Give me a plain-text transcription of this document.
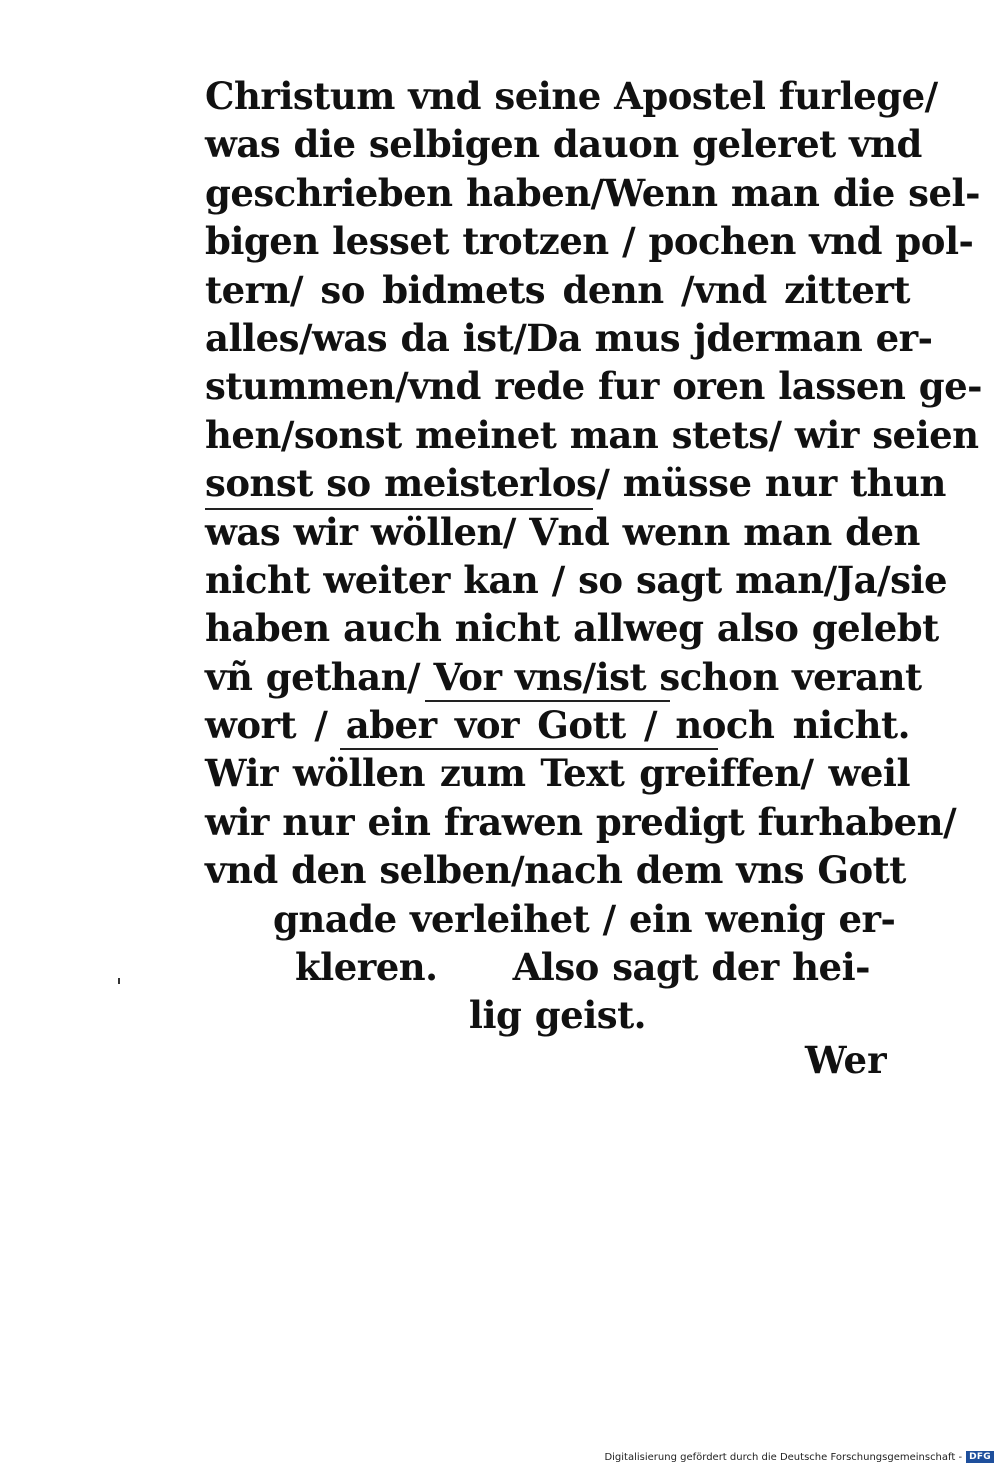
Christum vnd seine Apostel furlege/
was die selbigen dauon geleret vnd
geschrieben haben/Wenn man die sel-
bigen lesset trotzen / pochen vnd pol-
tern/ so bidmets denn /vnd zittert
alles/was da ist/Da mus jderman er-
stummen/vnd rede fur oren lassen ge-
hen/sonst meinet man stets/ wir seien
sonst so meisterlos/ müsse nur thun
was wir wöllen/ Vnd wenn man den
nicht weiter kan / so sagt man/Ja/sie
haben auch nicht allweg also gelebt
vñ gethan/ Vor vns/ist schon verant
wort / aber vor Gott / noch nicht.
Wir wöllen zum Text greiffen/ weil
wir nur ein frawen predigt furhaben/
vnd den selben/nach dem vns Gott
gnade verleihet / ein wenig er-
kleren. Also sagt der hei-
lig geist.
Wer
Digitalisierung gefördert durch die Deutsche Forschungsgemeinschaft - DFG
